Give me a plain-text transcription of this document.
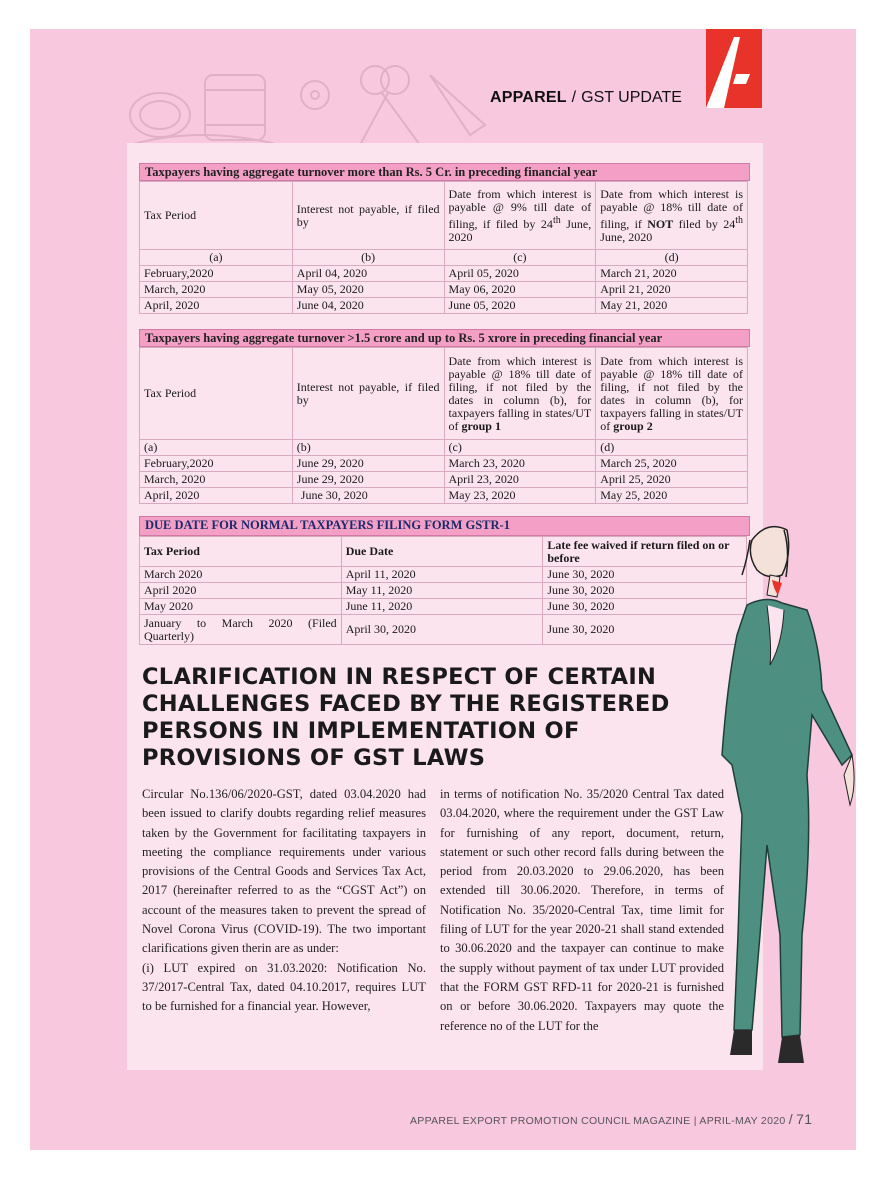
APPAREL / GST UPDATE
Taxpayers having aggregate turnover more than Rs. 5 Cr. in preceding financial year
Tax Period	Interest not payable, if filed by	Date from which interest is payable @ 9% till date of filing, if filed by 24th June, 2020	Date from which interest is payable @ 18% till date of filing, if NOT filed by 24th June, 2020
(a)	(b)	(c)	(d)
February,2020	April 04, 2020	April 05, 2020	March 21, 2020
March, 2020	May 05, 2020	May 06, 2020	April 21, 2020
April, 2020	June 04, 2020	June 05, 2020	May 21, 2020
Taxpayers having aggregate turnover >1.5 crore and up to Rs. 5 xrore in preceding financial year
Tax Period	Interest not payable, if filed by	Date from which interest is payable @ 18% till date of filing, if not filed by the dates in column (b), for taxpayers falling in states/UT of group 1	Date from which interest is payable @ 18% till date of filing, if not filed by the dates in column (b), for taxpayers falling in states/UT of group 2
(a)	(b)	(c)	(d)
February,2020	June 29, 2020	March 23, 2020	March 25, 2020
March, 2020	June 29, 2020	April 23, 2020	April 25, 2020
April, 2020	June 30, 2020	May 23, 2020	May 25, 2020
DUE DATE FOR NORMAL TAXPAYERS FILING FORM GSTR-1
Tax Period	Due Date	Late fee waived if return filed on or before
March 2020	April 11, 2020	June 30, 2020
April 2020	May 11, 2020	June 30, 2020
May 2020	June 11, 2020	June 30, 2020
January to March 2020 (Filed Quarterly)	April 30, 2020	June 30, 2020
CLARIFICATION IN RESPECT OF CERTAIN CHALLENGES FACED BY THE REGISTERED PERSONS IN IMPLEMENTATION OF PROVISIONS OF GST LAWS

Circular No.136/06/2020-GST, dated 03.04.2020 had been issued to clarify doubts regarding relief measures taken by the Government for facilitating taxpayers in meeting the compliance requirements under various provisions of the Central Goods and Services Tax Act, 2017 (hereinafter referred to as the “CGST Act”) on account of the measures taken to prevent the spread of Novel Corona Virus (COVID-19). The two important clarifications given therin are as under:

(i) LUT expired on 31.03.2020: Notification No. 37/2017-Central Tax, dated 04.10.2017, requires LUT to be furnished for a financial year. However,

in terms of notification No. 35/2020 Central Tax dated 03.04.2020, where the requirement under the GST Law for furnishing of any report, document, return, statement or such other record falls during between the period from 20.03.2020 to 29.06.2020, has been extended till 30.06.2020. Therefore, in terms of Notification No. 35/2020-Central Tax, time limit for filing of LUT for the year 2020-21 shall stand extended to 30.06.2020 and the taxpayer can continue to make the supply without payment of tax under LUT provided that the FORM GST RFD-11 for 2020-21 is furnished on or before 30.06.2020. Taxpayers may quote the reference no of the LUT for the

APPAREL EXPORT PROMOTION COUNCIL MAGAZINE | APRIL-MAY 2020 / 71
